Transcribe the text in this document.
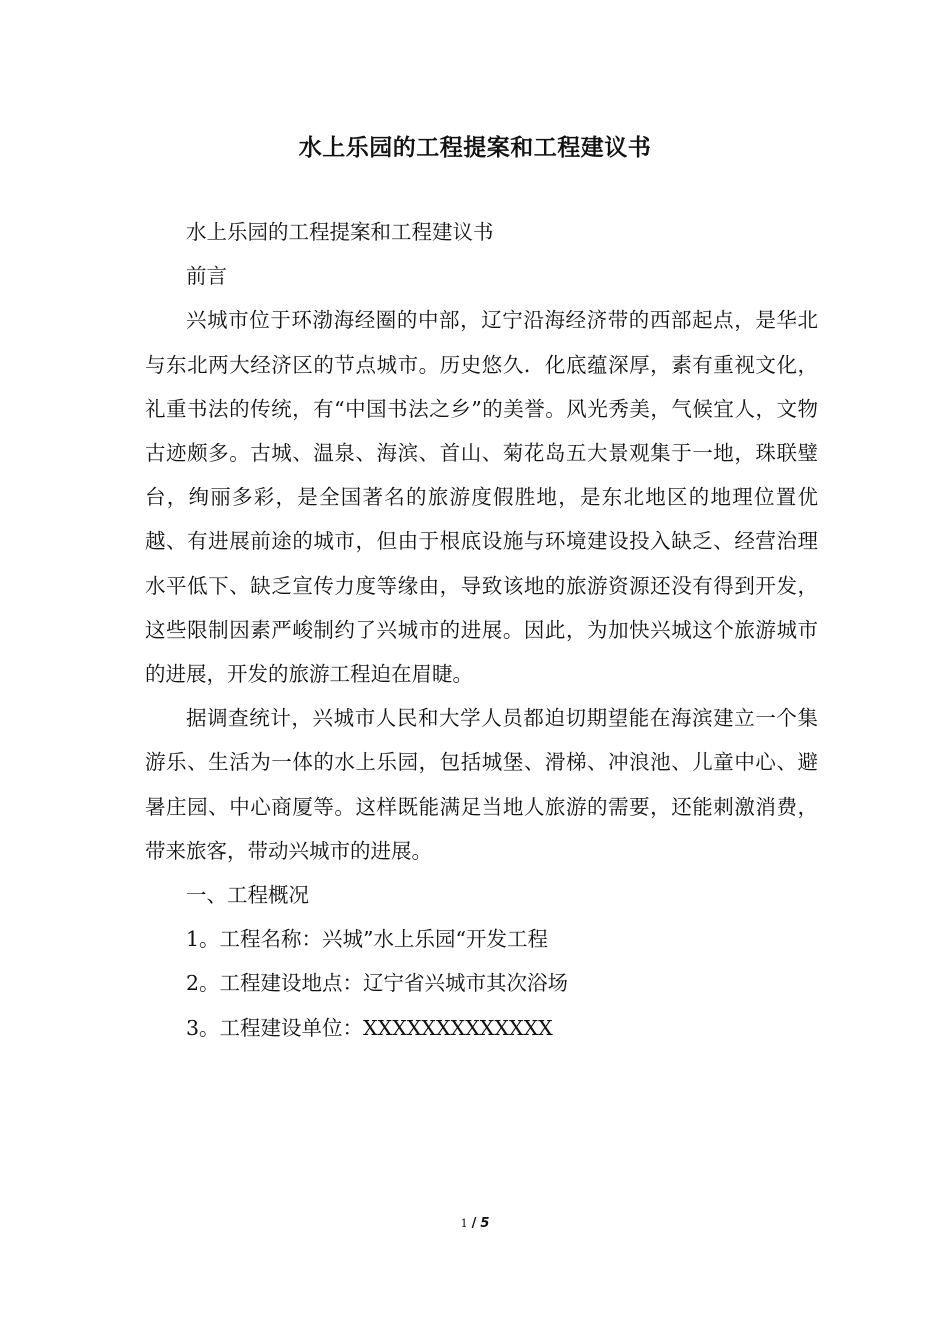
水上乐园的工程提案和工程建议书

水上乐园的工程提案和工程建议书

前言

兴城市位于环渤海经圈的中部，辽宁沿海经济带的西部起点，是华北与东北两大经济区的节点城市。历史悠久．化底蕴深厚，素有重视文化，礼重书法的传统，有“中国书法之乡”的美誉。风光秀美，气候宜人，文物古迹颇多。古城、温泉、海滨、首山、菊花岛五大景观集于一地，珠联璧台，绚丽多彩，是全国著名的旅游度假胜地，是东北地区的地理位置优越、有进展前途的城市，但由于根底设施与环境建设投入缺乏、经营治理水平低下、缺乏宣传力度等缘由，导致该地的旅游资源还没有得到开发，这些限制因素严峻制约了兴城市的进展。因此，为加快兴城这个旅游城市的进展，开发的旅游工程迫在眉睫。

据调查统计，兴城市人民和大学人员都迫切期望能在海滨建立一个集游乐、生活为一体的水上乐园，包括城堡、滑梯、冲浪池、儿童中心、避暑庄园、中心商厦等。这样既能满足当地人旅游的需要，还能刺激消费，带来旅客，带动兴城市的进展。

一、工程概况

1。工程名称：兴城”水上乐园“开发工程

2。工程建设地点：辽宁省兴城市其次浴场

3。工程建设单位：XXXXXXXXXXXXX

1 / 5
